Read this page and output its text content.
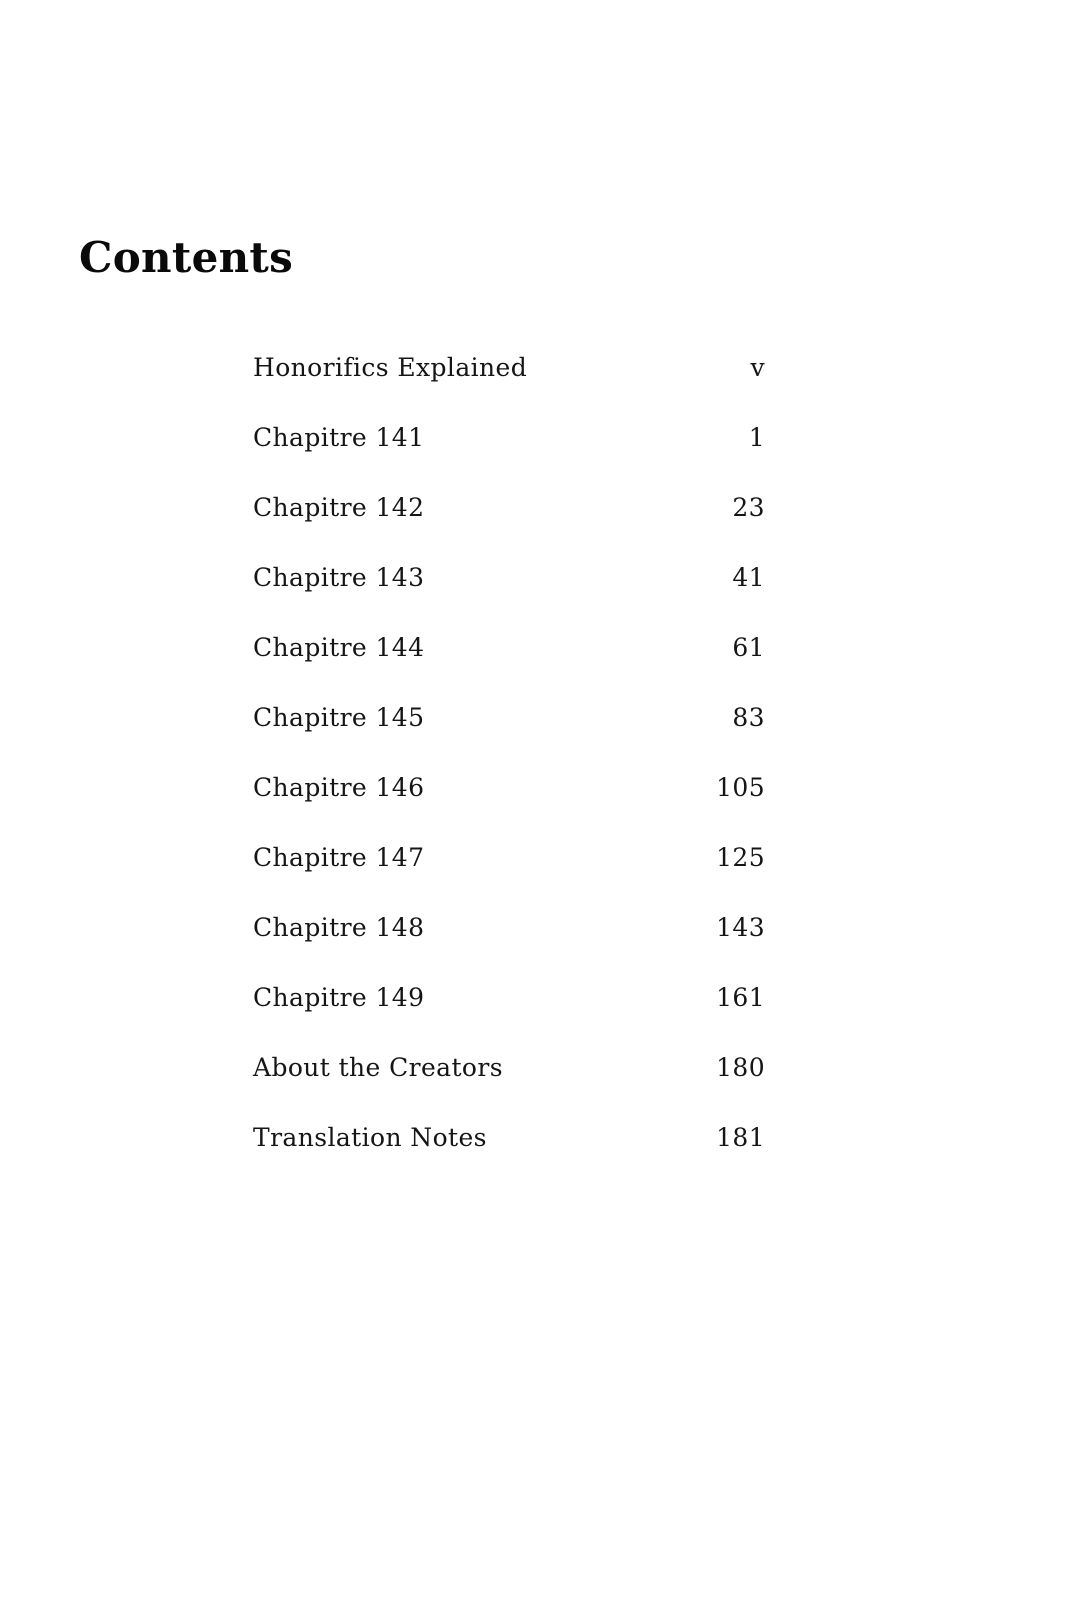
Contents
Honorifics Explained	v
Chapitre 141	1
Chapitre 142	23
Chapitre 143	41
Chapitre 144	61
Chapitre 145	83
Chapitre 146	105
Chapitre 147	125
Chapitre 148	143
Chapitre 149	161
About the Creators	180
Translation Notes	181
